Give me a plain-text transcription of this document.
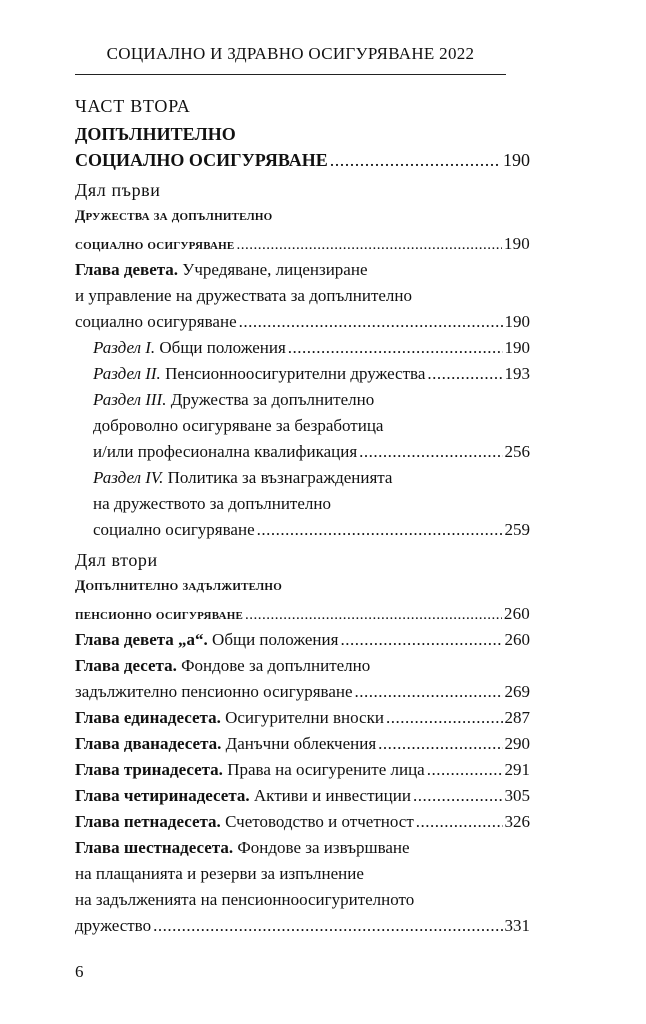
СОЦИАЛНО И ЗДРАВНО ОСИГУРЯВАНЕ 2022
ЧАСТ ВТОРА
ДОПЪЛНИТЕЛНО
СОЦИАЛНО ОСИГУРЯВАНЕ .....	190
Дял първи
Дружества за допълнително
социално осигуряване .....	190
Глава девета. Учредяване, лицензиране
и управление на дружествата за допълнително
социално осигуряване .....	190
Раздел I. Общи положения .....	190
Раздел II. Пенсионноосигурителни дружества .....	193
Раздел III. Дружества за допълнително
доброволно осигуряване за безработица
и/или професионална квалификация .....	256
Раздел IV. Политика за възнагражденията
на дружеството за допълнително
социално осигуряване .....	259
Дял втори
Допълнително задължително
пенсионно осигуряване .....	260
Глава девета „а“. Общи положения .....	260
Глава десета. Фондове за допълнително
задължително пенсионно осигуряване .....	269
Глава единадесета. Осигурителни вноски .....	287
Глава дванадесета. Данъчни облекчения .....	290
Глава тринадесета. Права на осигурените лица .....	291
Глава четиринадесета. Активи и инвестиции .....	305
Глава петнадесета. Счетоводство и отчетност .....	326
Глава шестнадесета. Фондове за извършване
на плащанията и резерви за изпълнение
на задълженията на пенсионноосигурителното
дружество .....	331
6
